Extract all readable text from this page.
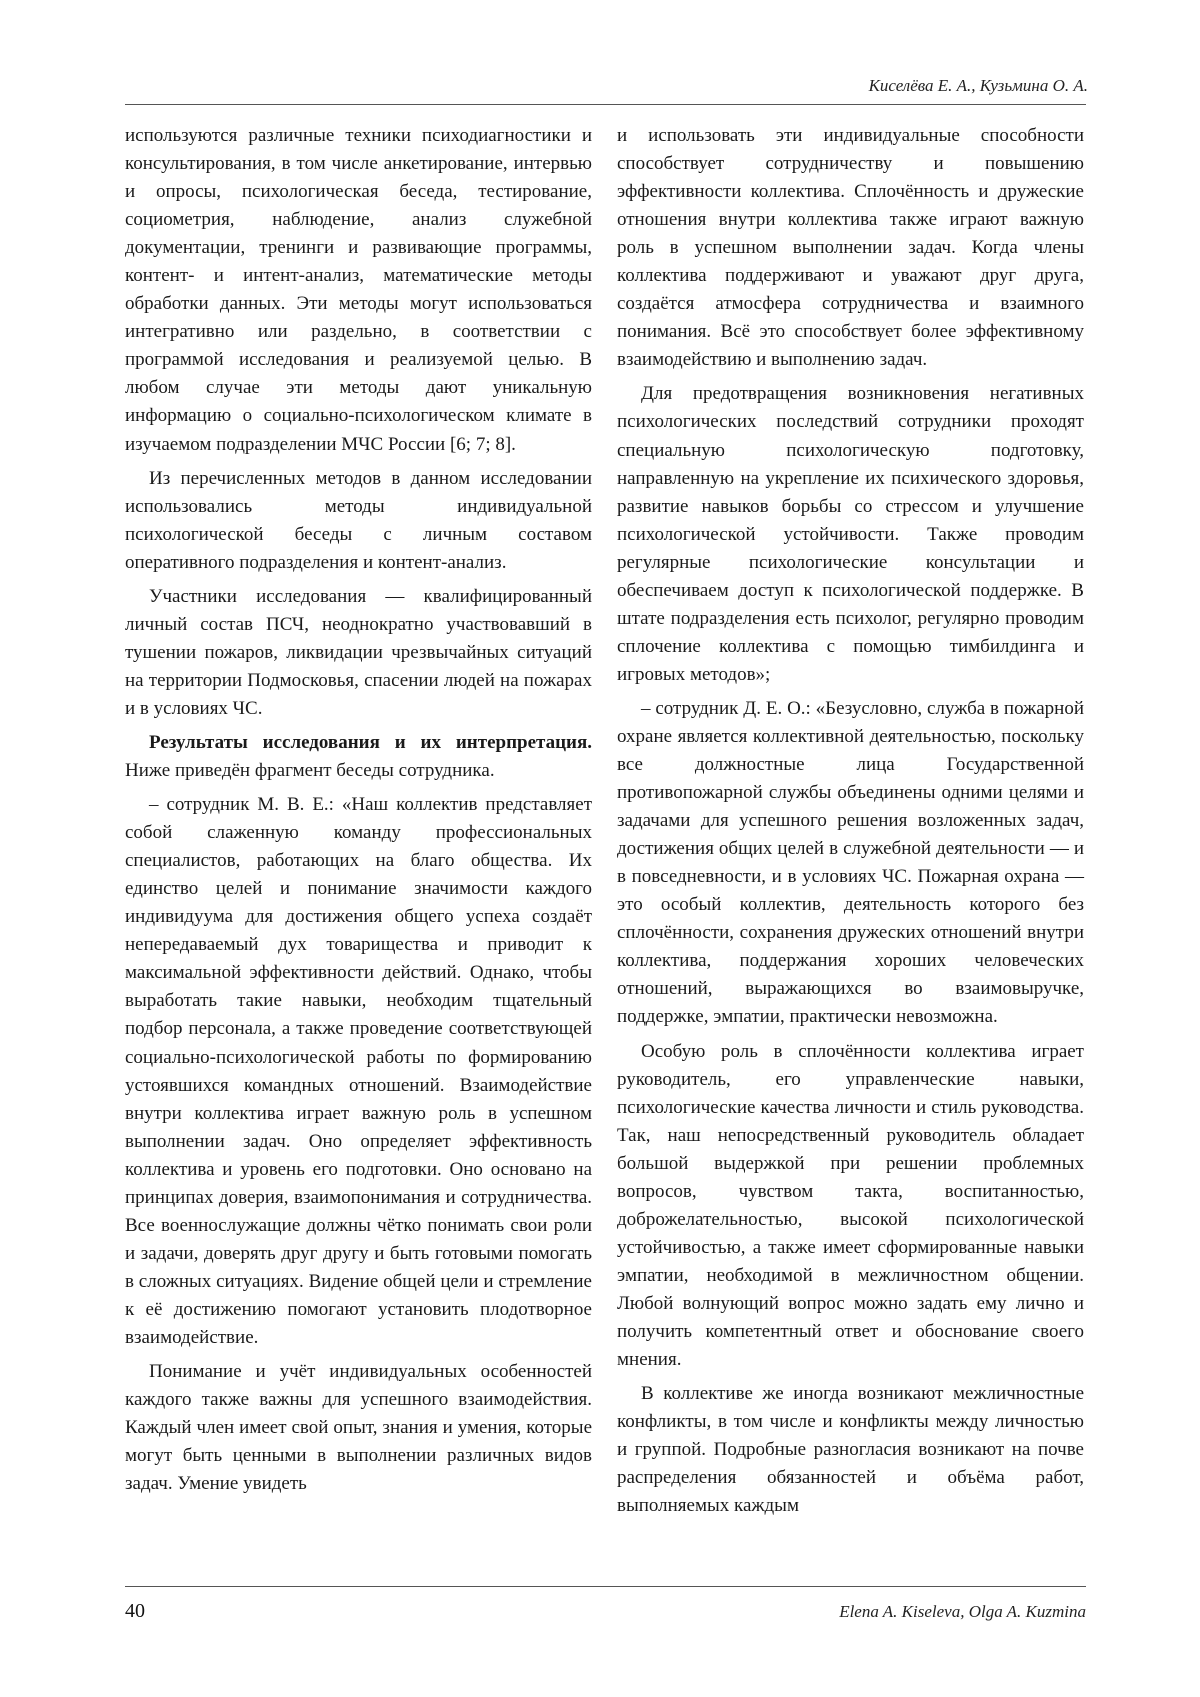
Киселёва Е. А., Кузьмина О. А.

используются различные техники психодиагностики и консультирования, в том числе анкетирование, интервью и опросы, психологическая беседа, тестирование, социометрия, наблюдение, анализ служебной документации, тренинги и развивающие программы, контент- и интент-анализ, математические методы обработки данных. Эти методы могут использоваться интегративно или раздельно, в соответствии с программой исследования и реализуемой целью. В любом случае эти методы дают уникальную информацию о социально-психологическом климате в изучаемом подразделении МЧС России [6; 7; 8].

Из перечисленных методов в данном исследовании использовались методы индивидуальной психологической беседы с личным составом оперативного подразделения и контент-анализ.

Участники исследования — квалифицированный личный состав ПСЧ, неоднократно участвовавший в тушении пожаров, ликвидации чрезвычайных ситуаций на территории Подмосковья, спасении людей на пожарах и в условиях ЧС.

Результаты исследования и их интерпретация. Ниже приведён фрагмент беседы сотрудника.

– сотрудник М. В. Е.: «Наш коллектив представляет собой слаженную команду профессиональных специалистов, работающих на благо общества. Их единство целей и понимание значимости каждого индивидуума для достижения общего успеха создаёт непередаваемый дух товарищества и приводит к максимальной эффективности действий. Однако, чтобы выработать такие навыки, необходим тщательный подбор персонала, а также проведение соответствующей социально-психологической работы по формированию устоявшихся командных отношений. Взаимодействие внутри коллектива играет важную роль в успешном выполнении задач. Оно определяет эффективность коллектива и уровень его подготовки. Оно основано на принципах доверия, взаимопонимания и сотрудничества. Все военнослужащие должны чётко понимать свои роли и задачи, доверять друг другу и быть готовыми помогать в сложных ситуациях. Видение общей цели и стремление к её достижению помогают установить плодотворное взаимодействие.

Понимание и учёт индивидуальных особенностей каждого также важны для успешного взаимодействия. Каждый член имеет свой опыт, знания и умения, которые могут быть ценными в выполнении различных видов задач. Умение увидеть

и использовать эти индивидуальные способности способствует сотрудничеству и повышению эффективности коллектива. Сплочённость и дружеские отношения внутри коллектива также играют важную роль в успешном выполнении задач. Когда члены коллектива поддерживают и уважают друг друга, создаётся атмосфера сотрудничества и взаимного понимания. Всё это способствует более эффективному взаимодействию и выполнению задач.

Для предотвращения возникновения негативных психологических последствий сотрудники проходят специальную психологическую подготовку, направленную на укрепление их психического здоровья, развитие навыков борьбы со стрессом и улучшение психологической устойчивости. Также проводим регулярные психологические консультации и обеспечиваем доступ к психологической поддержке. В штате подразделения есть психолог, регулярно проводим сплочение коллектива с помощью тимбилдинга и игровых методов»;

– сотрудник Д. Е. О.: «Безусловно, служба в пожарной охране является коллективной деятельностью, поскольку все должностные лица Государственной противопожарной службы объединены одними целями и задачами для успешного решения возложенных задач, достижения общих целей в служебной деятельности — и в повседневности, и в условиях ЧС. Пожарная охрана — это особый коллектив, деятельность которого без сплочённости, сохранения дружеских отношений внутри коллектива, поддержания хороших человеческих отношений, выражающихся во взаимовыручке, поддержке, эмпатии, практически невозможна.

Особую роль в сплочённости коллектива играет руководитель, его управленческие навыки, психологические качества личности и стиль руководства. Так, наш непосредственный руководитель обладает большой выдержкой при решении проблемных вопросов, чувством такта, воспитанностью, доброжелательностью, высокой психологической устойчивостью, а также имеет сформированные навыки эмпатии, необходимой в межличностном общении. Любой волнующий вопрос можно задать ему лично и получить компетентный ответ и обоснование своего мнения.

В коллективе же иногда возникают межличностные конфликты, в том числе и конфликты между личностью и группой. Подробные разногласия возникают на почве распределения обязанностей и объёма работ, выполняемых каждым

40	Elena A. Kiseleva, Olga A. Kuzmina
